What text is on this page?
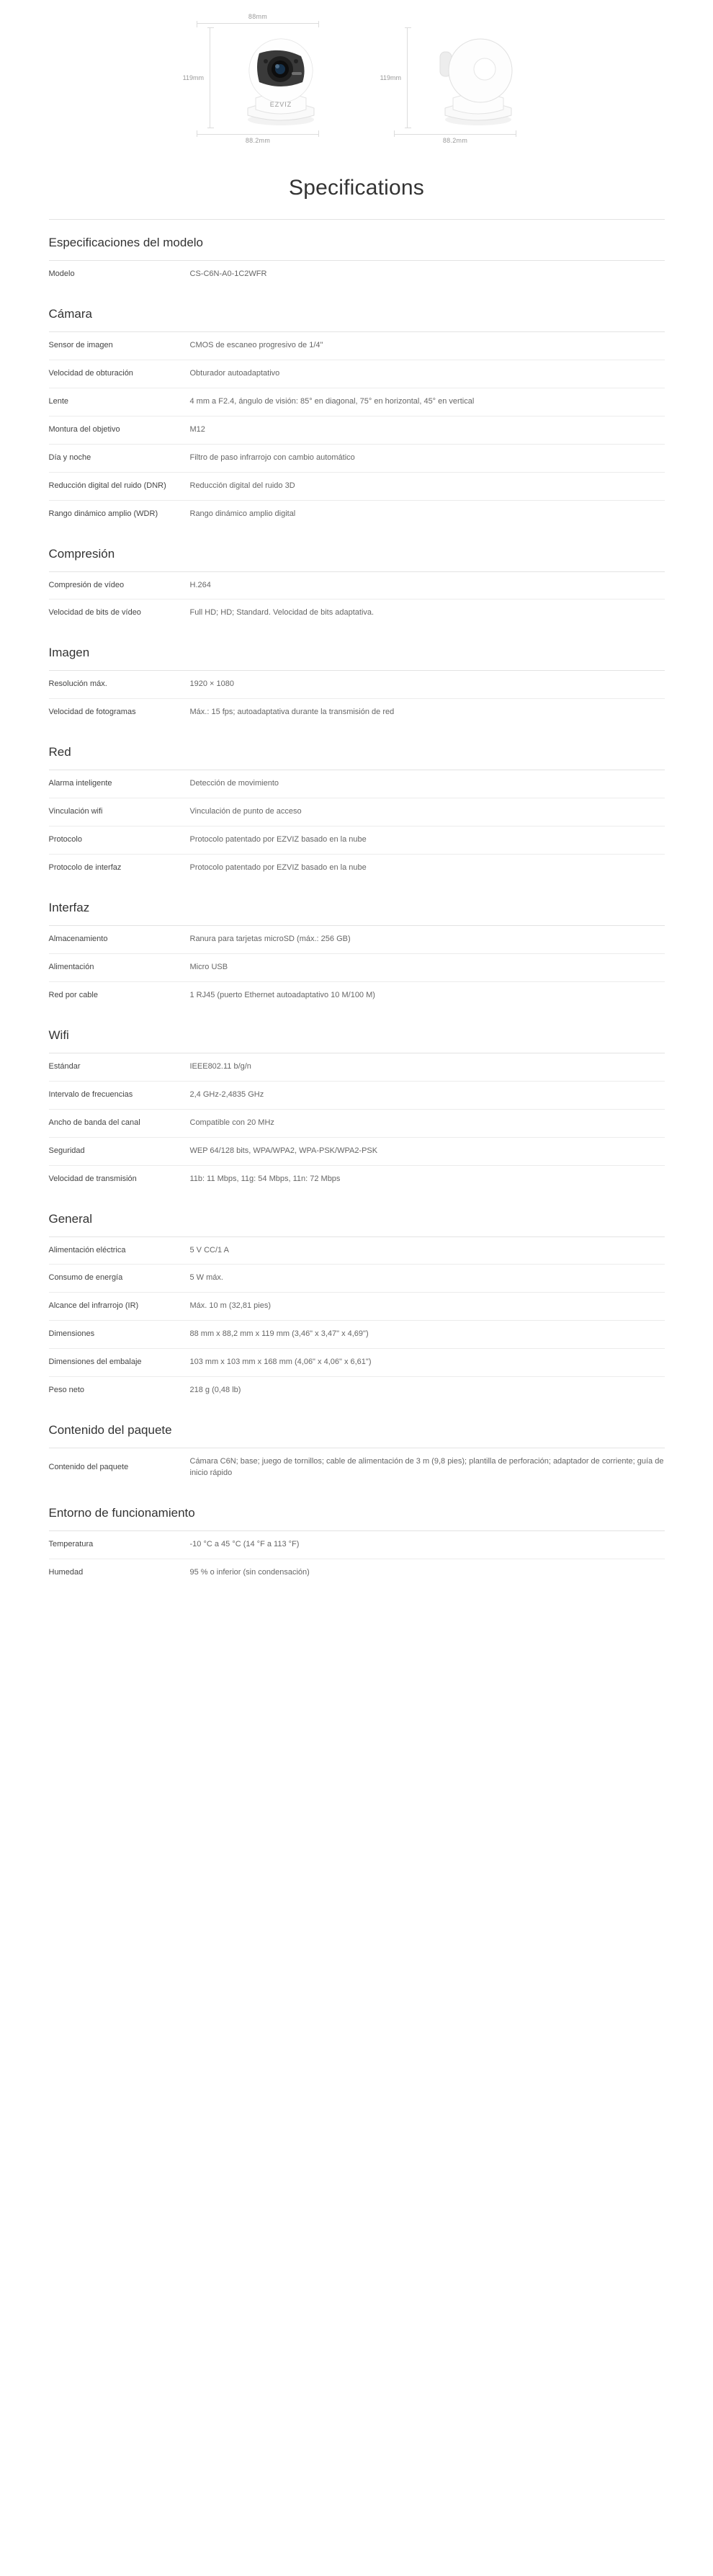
88mm
119mm
EZVIZ
88.2mm
119mm
88.2mm
Specifications
Especificaciones del modelo
Modelo	CS-C6N-A0-1C2WFR
Cámara
Sensor de imagen	CMOS de escaneo progresivo de 1/4"
Velocidad de obturación	Obturador autoadaptativo
Lente	4 mm a F2.4, ángulo de visión: 85° en diagonal, 75° en horizontal, 45° en vertical
Montura del objetivo	M12
Día y noche	Filtro de paso infrarrojo con cambio automático
Reducción digital del ruido (DNR)	Reducción digital del ruido 3D
Rango dinámico amplio (WDR)	Rango dinámico amplio digital
Compresión
Compresión de vídeo	H.264
Velocidad de bits de vídeo	Full HD; HD; Standard. Velocidad de bits adaptativa.
Imagen
Resolución máx.	1920 × 1080
Velocidad de fotogramas	Máx.: 15 fps; autoadaptativa durante la transmisión de red
Red
Alarma inteligente	Detección de movimiento
Vinculación wifi	Vinculación de punto de acceso
Protocolo	Protocolo patentado por EZVIZ basado en la nube
Protocolo de interfaz	Protocolo patentado por EZVIZ basado en la nube
Interfaz
Almacenamiento	Ranura para tarjetas microSD (máx.: 256 GB)
Alimentación	Micro USB
Red por cable	1 RJ45 (puerto Ethernet autoadaptativo 10 M/100 M)
Wifi
Estándar	IEEE802.11 b/g/n
Intervalo de frecuencias	2,4 GHz-2,4835 GHz
Ancho de banda del canal	Compatible con 20 MHz
Seguridad	WEP 64/128 bits, WPA/WPA2, WPA-PSK/WPA2-PSK
Velocidad de transmisión	11b: 11 Mbps, 11g: 54 Mbps, 11n: 72 Mbps
General
Alimentación eléctrica	5 V CC/1 A
Consumo de energía	5 W máx.
Alcance del infrarrojo (IR)	Máx. 10 m (32,81 pies)
Dimensiones	88 mm x 88,2 mm x 119 mm (3,46" x 3,47" x 4,69")
Dimensiones del embalaje	103 mm x 103 mm x 168 mm (4,06" x 4,06" x 6,61")
Peso neto	218 g (0,48 lb)
Contenido del paquete
Contenido del paquete	Cámara C6N; base; juego de tornillos; cable de alimentación de 3 m (9,8 pies); plantilla de perforación; adaptador de corriente; guía de inicio rápido
Entorno de funcionamiento
Temperatura	-10 °C a 45 °C (14 °F a 113 °F)
Humedad	95 % o inferior (sin condensación)
